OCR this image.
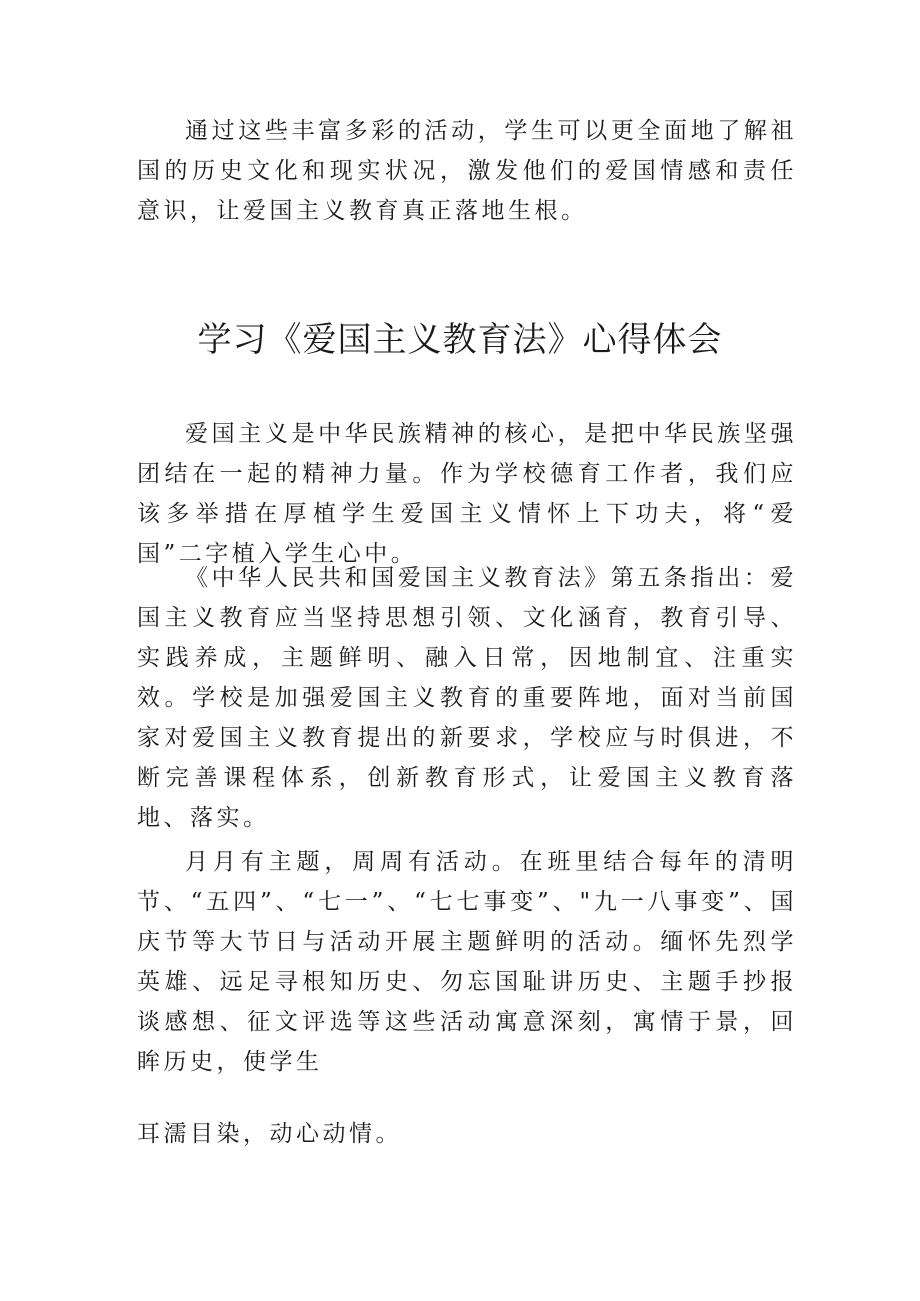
通过这些丰富多彩的活动，学生可以更全面地了解祖国的历史文化和现实状况，激发他们的爱国情感和责任意识，让爱国主义教育真正落地生根。

学习《爱国主义教育法》心得体会

爱国主义是中华民族精神的核心，是把中华民族坚强团结在一起的精神力量。作为学校德育工作者，我们应该多举措在厚植学生爱国主义情怀上下功夫，将“爱国”二字植入学生心中。

《中华人民共和国爱国主义教育法》第五条指出：爱国主义教育应当坚持思想引领、文化涵育，教育引导、实践养成，主题鲜明、融入日常，因地制宜、注重实效。学校是加强爱国主义教育的重要阵地，面对当前国家对爱国主义教育提出的新要求，学校应与时俱进，不断完善课程体系，创新教育形式，让爱国主义教育落地、落实。

月月有主题，周周有活动。在班里结合每年的清明节、“五四”、“七一”、“七七事变”、"九一八事变”、国庆节等大节日与活动开展主题鲜明的活动。缅怀先烈学英雄、远足寻根知历史、勿忘国耻讲历史、主题手抄报谈感想、征文评选等这些活动寓意深刻，寓情于景，回眸历史，使学生

耳濡目染，动心动情。
